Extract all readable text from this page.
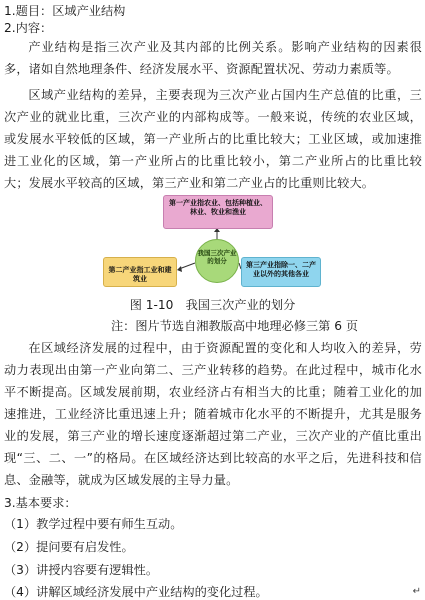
1.题目：区域产业结构
2.内容：
产业结构是指三次产业及其内部的比例关系。影响产业结构的因素很多，诸如自然地理条件、经济发展水平、资源配置状况、劳动力素质等。
区域产业结构的差异，主要表现为三次产业占国内生产总值的比重，三次产业的就业比重，三次产业的内部构成等。一般来说，传统的农业区域，或发展水平较低的区域，第一产业所占的比重比较大；工业区域，或加速推进工业化的区域，第一产业所占的比重比较小，第二产业所占的比重比较大；发展水平较高的区域，第三产业和第二产业占的比重则比较大。
第一产业指农业、包括种植业、林业、牧业和渔业
第二产业指工业和建筑业
第三产业指除一、二产业以外的其他各业
我国三次产业的划分
图 1-10　我国三次产业的划分
注：图片节选自湘教版高中地理必修三第 6 页
在区域经济发展的过程中，由于资源配置的变化和人均收入的差异，劳动力表现出由第一产业向第二、三产业转移的趋势。在此过程中，城市化水平不断提高。区域发展前期，农业经济占有相当大的比重；随着工业化的加速推进，工业经济比重迅速上升；随着城市化水平的不断提升，尤其是服务业的发展，第三产业的增长速度逐渐超过第二产业，三次产业的产值比重出现“三、二、一”的格局。在区域经济达到比较高的水平之后，先进科技和信息、金融等，就成为区域发展的主导力量。
3.基本要求：
（1）教学过程中要有师生互动。
（2）提问要有启发性。
（3）讲授内容要有逻辑性。
（4）讲解区域经济发展中产业结构的变化过程。	↵
